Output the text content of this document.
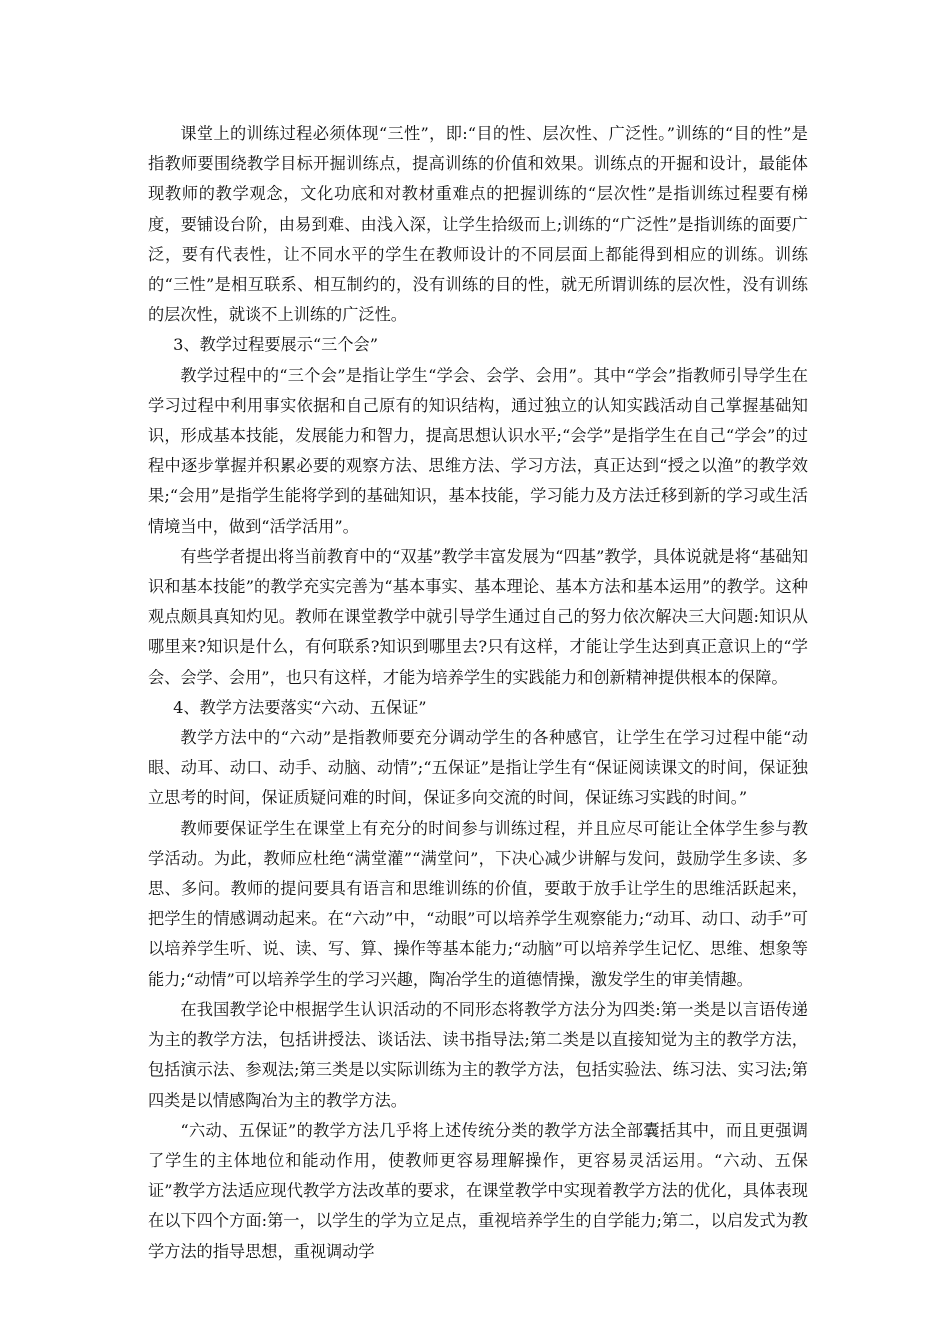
课堂上的训练过程必须体现“三性”，即:“目的性、层次性、广泛性。”训练的“目的性”是指教师要围绕教学目标开掘训练点，提高训练的价值和效果。训练点的开掘和设计，最能体现教师的教学观念，文化功底和对教材重难点的把握训练的“层次性”是指训练过程要有梯度，要铺设台阶，由易到难、由浅入深，让学生拾级而上;训练的“广泛性”是指训练的面要广泛，要有代表性，让不同水平的学生在教师设计的不同层面上都能得到相应的训练。训练的“三性”是相互联系、相互制约的，没有训练的目的性，就无所谓训练的层次性，没有训练的层次性，就谈不上训练的广泛性。

3、教学过程要展示“三个会”

教学过程中的“三个会”是指让学生“学会、会学、会用”。其中“学会”指教师引导学生在学习过程中利用事实依据和自己原有的知识结构，通过独立的认知实践活动自己掌握基础知识，形成基本技能，发展能力和智力，提高思想认识水平;“会学”是指学生在自己“学会”的过程中逐步掌握并积累必要的观察方法、思维方法、学习方法，真正达到“授之以渔”的教学效果;“会用”是指学生能将学到的基础知识，基本技能，学习能力及方法迁移到新的学习或生活情境当中，做到“活学活用”。

有些学者提出将当前教育中的“双基”教学丰富发展为“四基”教学，具体说就是将“基础知识和基本技能”的教学充实完善为“基本事实、基本理论、基本方法和基本运用”的教学。这种观点颇具真知灼见。教师在课堂教学中就引导学生通过自己的努力依次解决三大问题:知识从哪里来?知识是什么，有何联系?知识到哪里去?只有这样，才能让学生达到真正意识上的“学会、会学、会用”，也只有这样，才能为培养学生的实践能力和创新精神提供根本的保障。

4、教学方法要落实“六动、五保证”

教学方法中的“六动”是指教师要充分调动学生的各种感官，让学生在学习过程中能“动眼、动耳、动口、动手、动脑、动情”;“五保证”是指让学生有“保证阅读课文的时间，保证独立思考的时间，保证质疑问难的时间，保证多向交流的时间，保证练习实践的时间。”

教师要保证学生在课堂上有充分的时间参与训练过程，并且应尽可能让全体学生参与教学活动。为此，教师应杜绝“满堂灌”“满堂问”，下决心减少讲解与发问，鼓励学生多读、多思、多问。教师的提问要具有语言和思维训练的价值，要敢于放手让学生的思维活跃起来，把学生的情感调动起来。在“六动”中，“动眼”可以培养学生观察能力;“动耳、动口、动手”可以培养学生听、说、读、写、算、操作等基本能力;“动脑”可以培养学生记忆、思维、想象等能力;“动情”可以培养学生的学习兴趣，陶冶学生的道德情操，激发学生的审美情趣。

在我国教学论中根据学生认识活动的不同形态将教学方法分为四类:第一类是以言语传递为主的教学方法，包括讲授法、谈话法、读书指导法;第二类是以直接知觉为主的教学方法，包括演示法、参观法;第三类是以实际训练为主的教学方法，包括实验法、练习法、实习法;第四类是以情感陶冶为主的教学方法。

“六动、五保证”的教学方法几乎将上述传统分类的教学方法全部囊括其中，而且更强调了学生的主体地位和能动作用，使教师更容易理解操作，更容易灵活运用。“六动、五保证”教学方法适应现代教学方法改革的要求，在课堂教学中实现着教学方法的优化，具体表现在以下四个方面:第一，以学生的学为立足点，重视培养学生的自学能力;第二，以启发式为教学方法的指导思想，重视调动学
